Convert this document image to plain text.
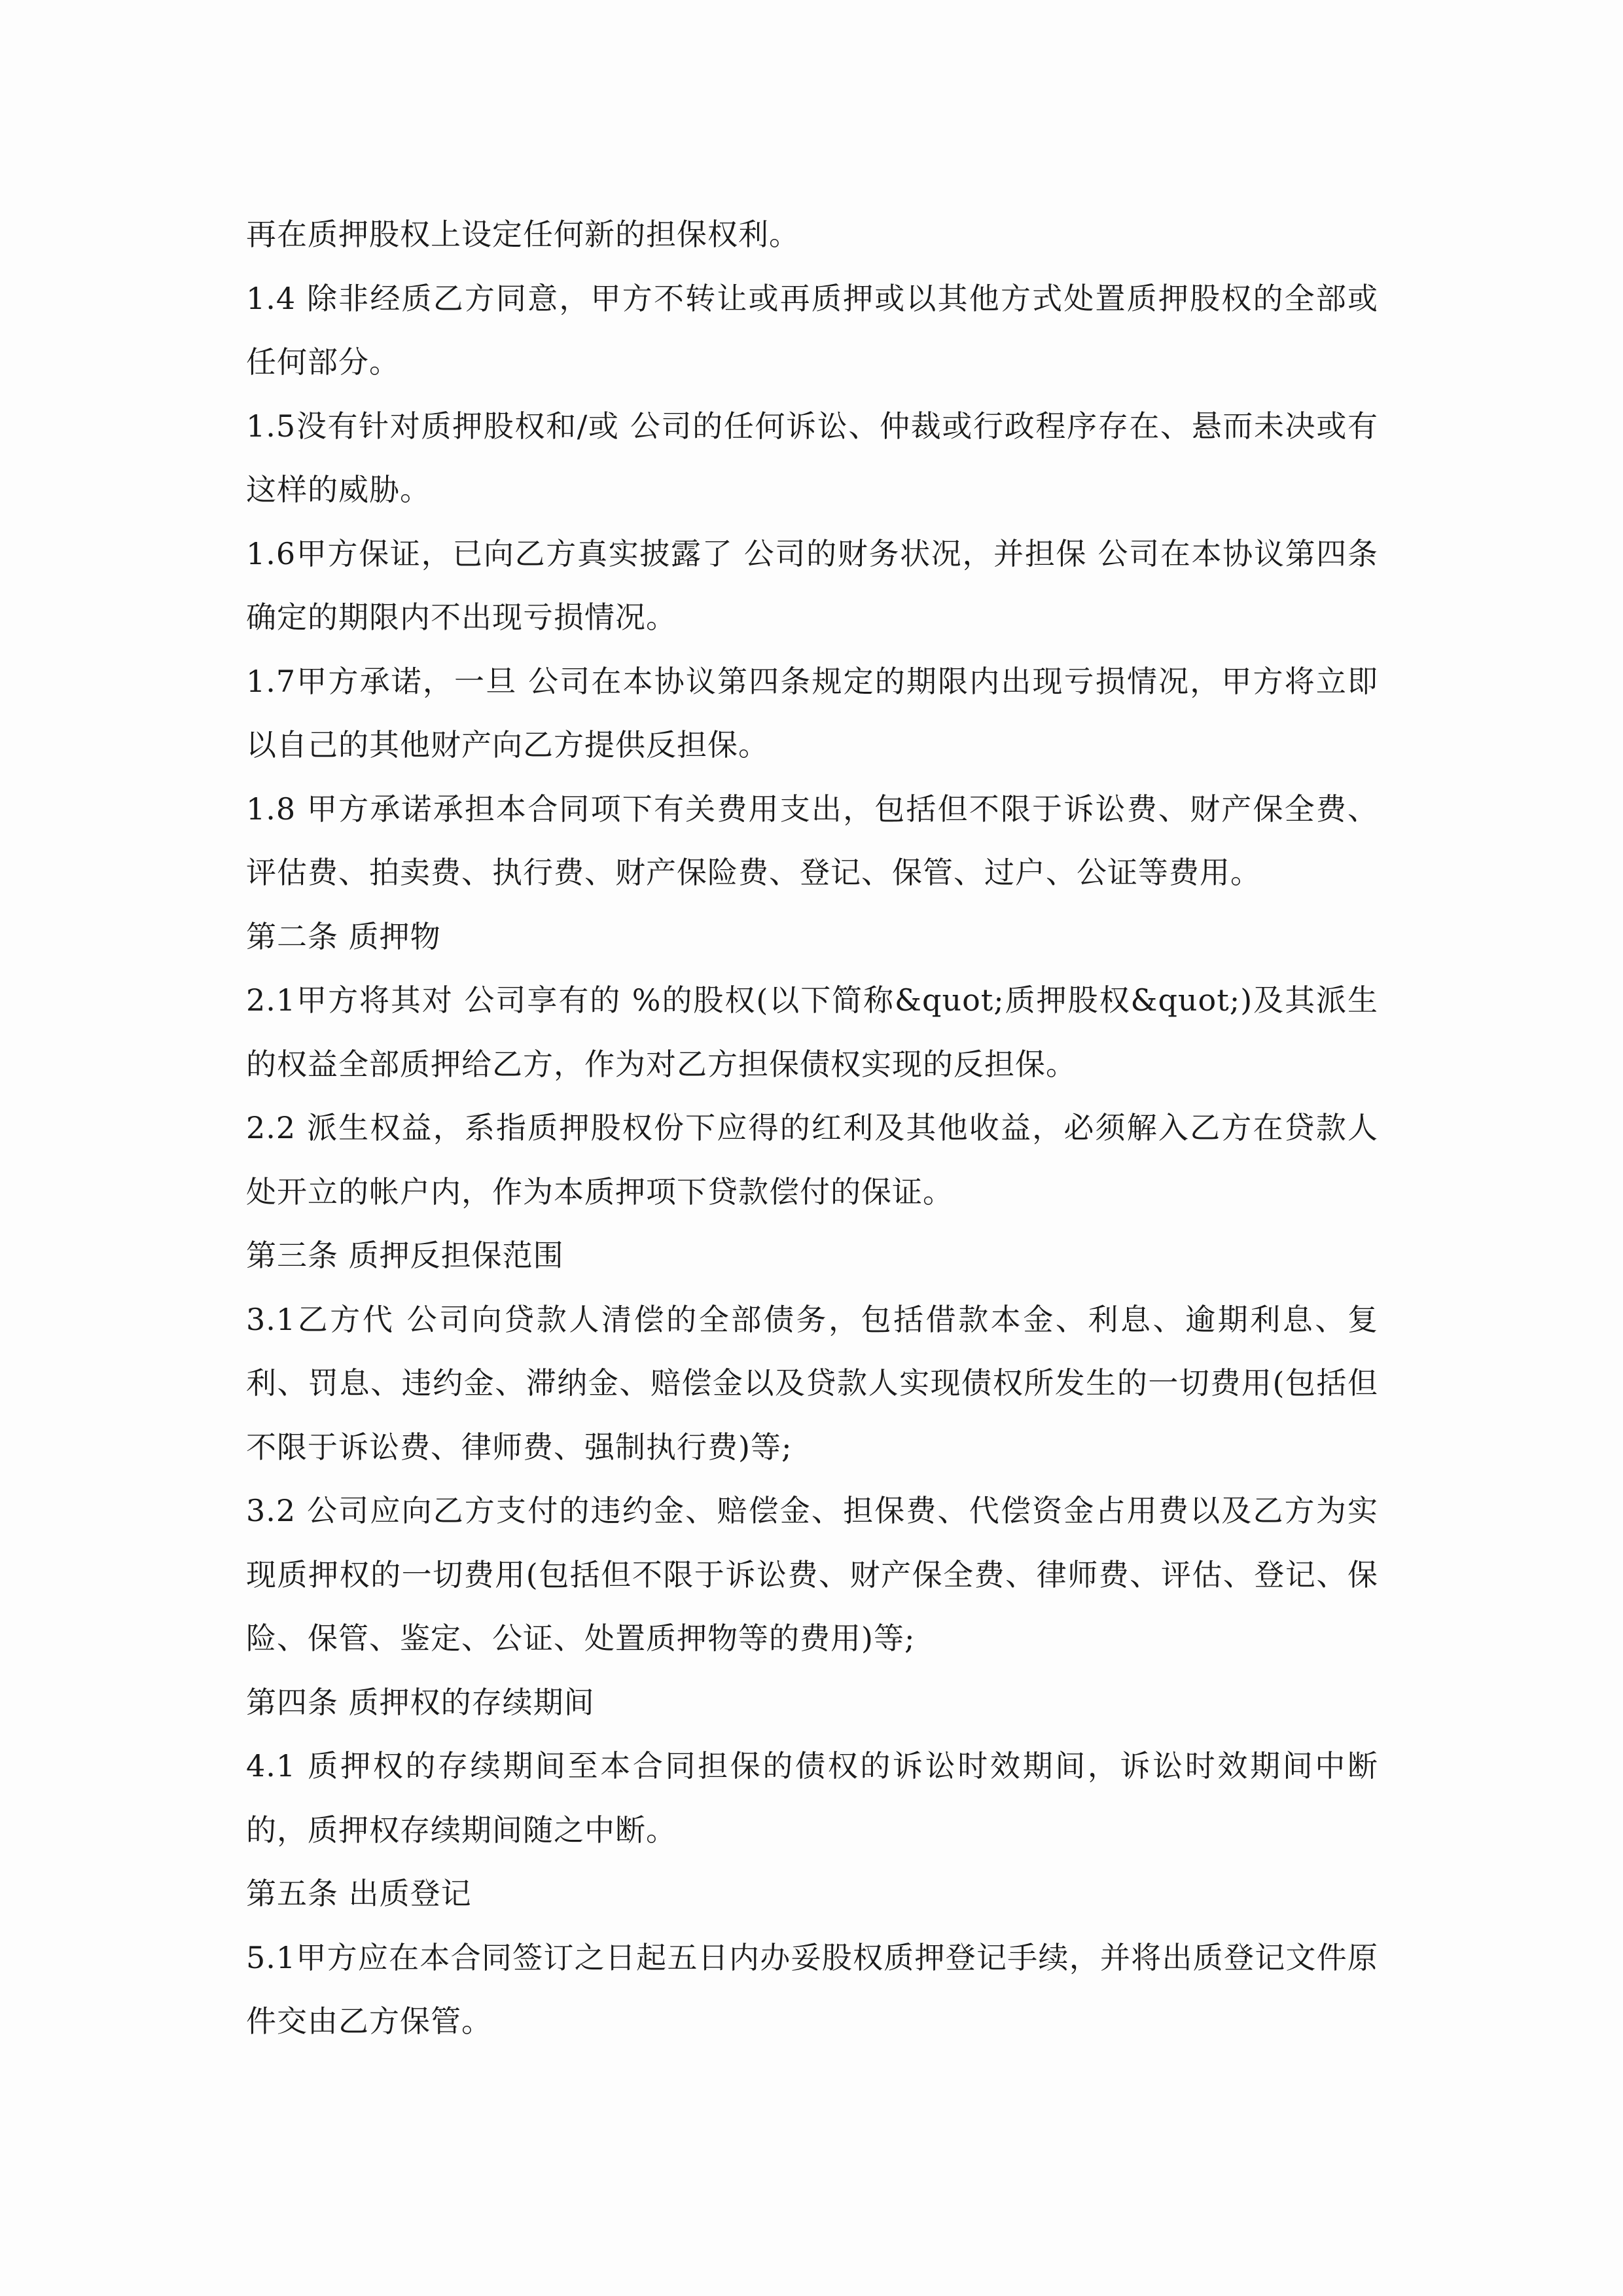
再在质押股权上设定任何新的担保权利。

1.4 除非经质乙方同意，甲方不转让或再质押或以其他方式处置质押股权的全部或任何部分。

1.5没有针对质押股权和/或 公司的任何诉讼、仲裁或行政程序存在、悬而未决或有这样的威胁。

1.6甲方保证，已向乙方真实披露了 公司的财务状况，并担保 公司在本协议第四条确定的期限内不出现亏损情况。

1.7甲方承诺，一旦 公司在本协议第四条规定的期限内出现亏损情况，甲方将立即以自己的其他财产向乙方提供反担保。

1.8 甲方承诺承担本合同项下有关费用支出，包括但不限于诉讼费、财产保全费、评估费、拍卖费、执行费、财产保险费、登记、保管、过户、公证等费用。

第二条 质押物

2.1甲方将其对 公司享有的 %的股权(以下简称&quot;质押股权&quot;)及其派生的权益全部质押给乙方，作为对乙方担保债权实现的反担保。

2.2 派生权益，系指质押股权份下应得的红利及其他收益，必须解入乙方在贷款人处开立的帐户内，作为本质押项下贷款偿付的保证。

第三条 质押反担保范围

3.1乙方代 公司向贷款人清偿的全部债务，包括借款本金、利息、逾期利息、复利、罚息、违约金、滞纳金、赔偿金以及贷款人实现债权所发生的一切费用(包括但不限于诉讼费、律师费、强制执行费)等;

3.2 公司应向乙方支付的违约金、赔偿金、担保费、代偿资金占用费以及乙方为实现质押权的一切费用(包括但不限于诉讼费、财产保全费、律师费、评估、登记、保险、保管、鉴定、公证、处置质押物等的费用)等;

第四条 质押权的存续期间

4.1 质押权的存续期间至本合同担保的债权的诉讼时效期间，诉讼时效期间中断的，质押权存续期间随之中断。

第五条 出质登记

5.1甲方应在本合同签订之日起五日内办妥股权质押登记手续，并将出质登记文件原件交由乙方保管。
